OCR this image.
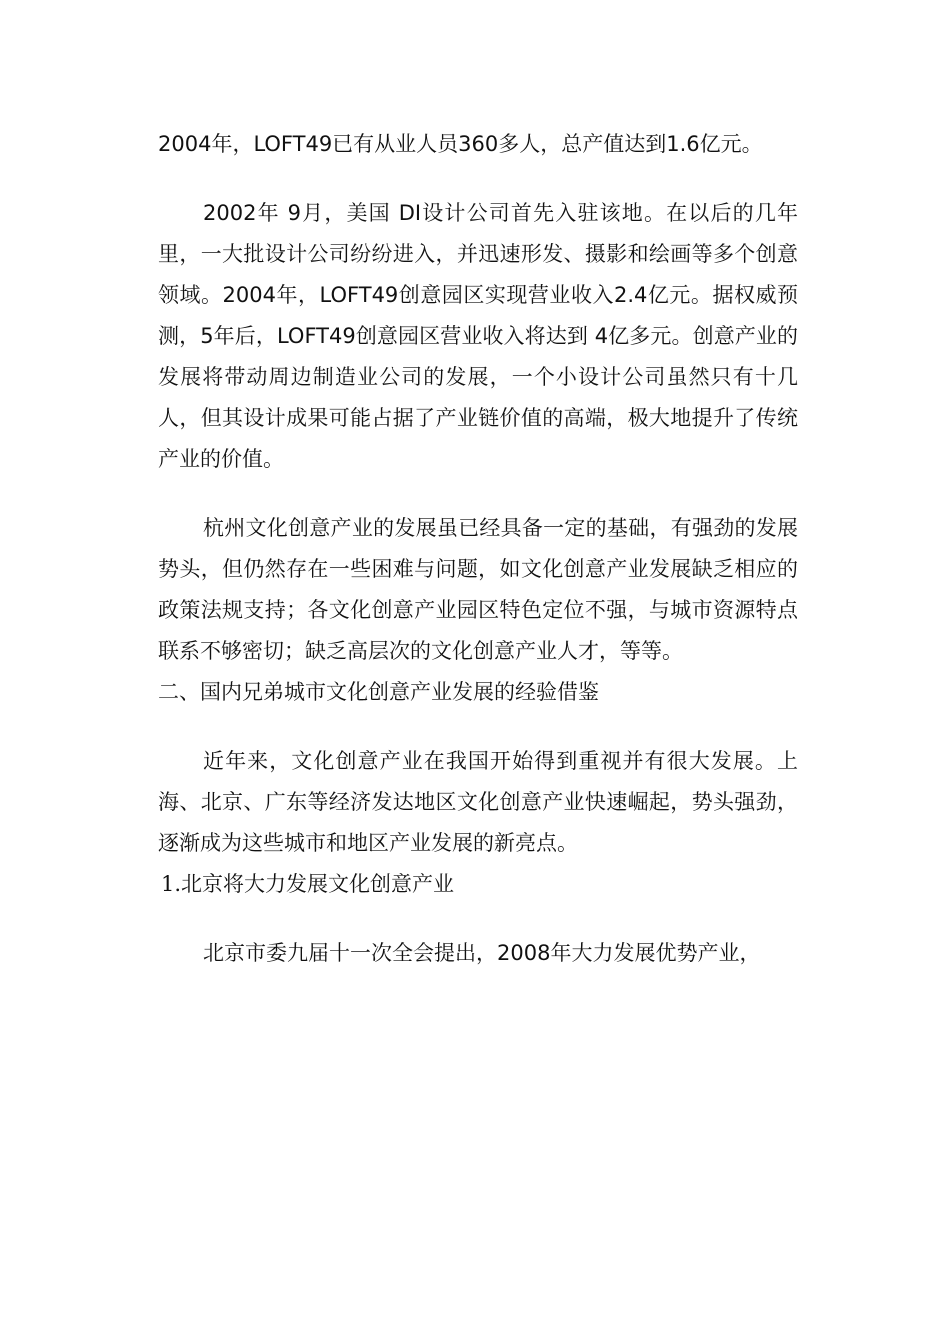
2004年，LOFT49已有从业人员360多人，总产值达到1.6亿元。

2002年 9月，美国 DI设计公司首先入驻该地。在以后的几年里，一大批设计公司纷纷进入，并迅速形发、摄影和绘画等多个创意领域。2004年，LOFT49创意园区实现营业收入2.4亿元。据权威预测，5年后，LOFT49创意园区营业收入将达到 4亿多元。创意产业的发展将带动周边制造业公司的发展，一个小设计公司虽然只有十几人，但其设计成果可能占据了产业链价值的高端，极大地提升了传统产业的价值。

杭州文化创意产业的发展虽已经具备一定的基础，有强劲的发展势头，但仍然存在一些困难与问题，如文化创意产业发展缺乏相应的政策法规支持；各文化创意产业园区特色定位不强，与城市资源特点联系不够密切；缺乏高层次的文化创意产业人才，等等。

二、国内兄弟城市文化创意产业发展的经验借鉴

近年来，文化创意产业在我国开始得到重视并有很大发展。上海、北京、广东等经济发达地区文化创意产业快速崛起，势头强劲，逐渐成为这些城市和地区产业发展的新亮点。

1.北京将大力发展文化创意产业

北京市委九届十一次全会提出，2008年大力发展优势产业，
